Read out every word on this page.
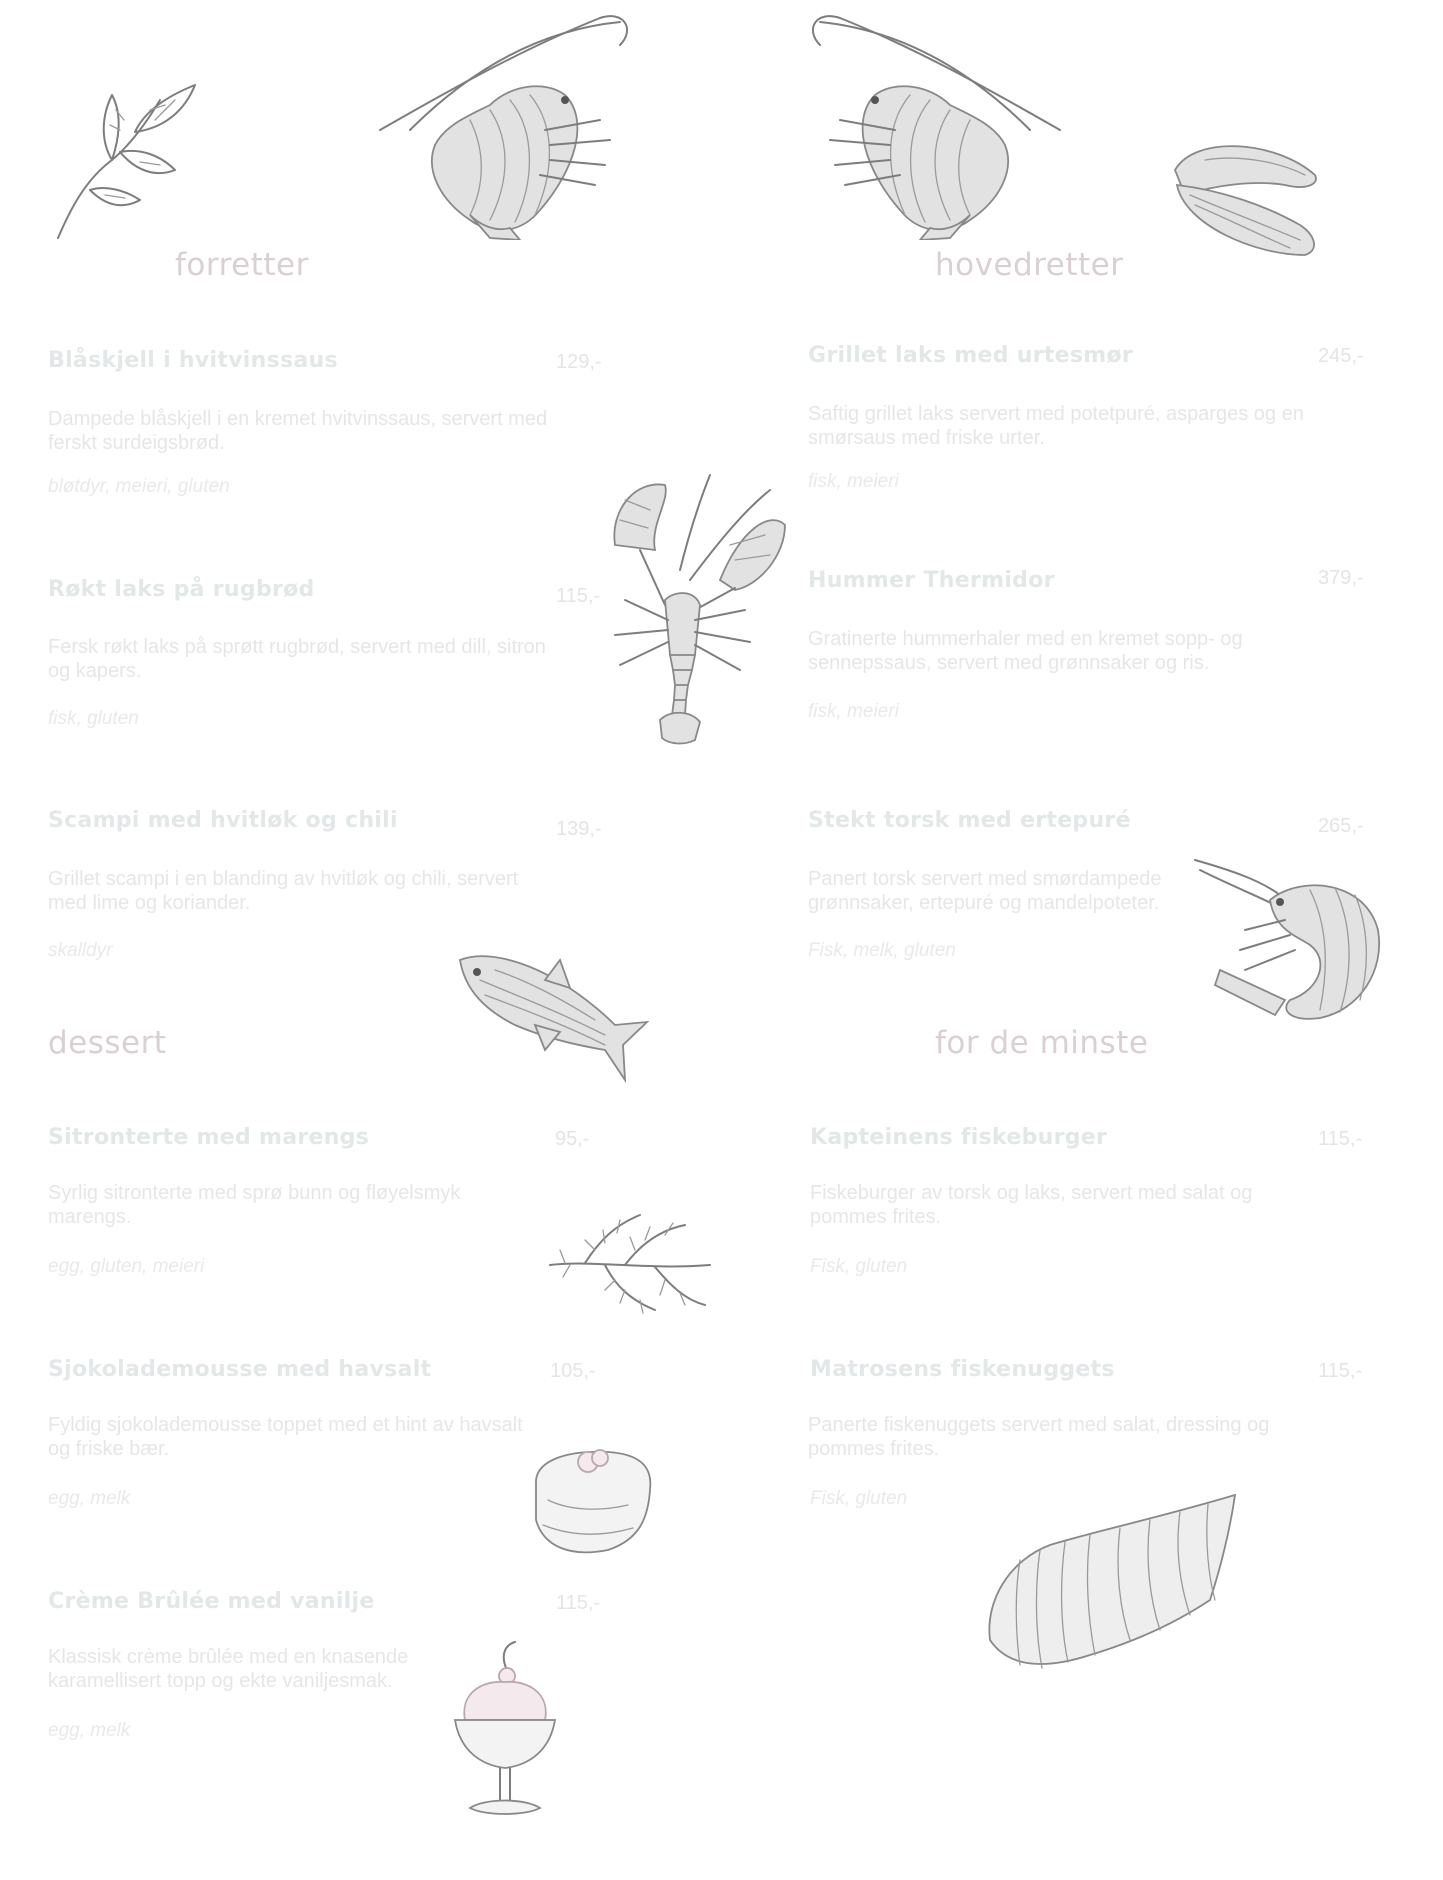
forretter	hovedretter
dessert	for de minste
Blåskjell i hvitvinssaus	129,-
Dampede blåskjell i en kremet hvitvinssaus, servert med ferskt surdeigsbrød.
bløtdyr, meieri, gluten
Røkt laks på rugbrød	115,-
Fersk røkt laks på sprøtt rugbrød, servert med dill, sitron og kapers.
fisk, gluten
Scampi med hvitløk og chili	139,-
Grillet scampi i en blanding av hvitløk og chili, servert med lime og koriander.
skalldyr
Grillet laks med urtesmør	245,-
Saftig grillet laks servert med potetpuré, asparges og en smørsaus med friske urter.
fisk, meieri
Hummer Thermidor	379,-
Gratinerte hummerhaler med en kremet sopp- og sennepssaus, servert med grønnsaker og ris.
fisk, meieri
Stekt torsk med ertepuré	265,-
Panert torsk servert med smørdampede grønnsaker, ertepuré og mandelpoteter.
Fisk, melk, gluten
Sitronterte med marengs	95,-
Syrlig sitronterte med sprø bunn og fløyelsmyk marengs.
egg, gluten, meieri
Sjokolademousse med havsalt	105,-
Fyldig sjokolademousse toppet med et hint av havsalt og friske bær.
egg, melk
Crème Brûlée med vanilje	115,-
Klassisk crème brûlée med en knasende karamellisert topp og ekte vaniljesmak.
egg, melk
Kapteinens fiskeburger	115,-
Fiskeburger av torsk og laks, servert med salat og pommes frites.
Fisk, gluten
Matrosens fiskenuggets	115,-
Panerte fiskenuggets servert med salat, dressing og pommes frites.
Fisk, gluten
